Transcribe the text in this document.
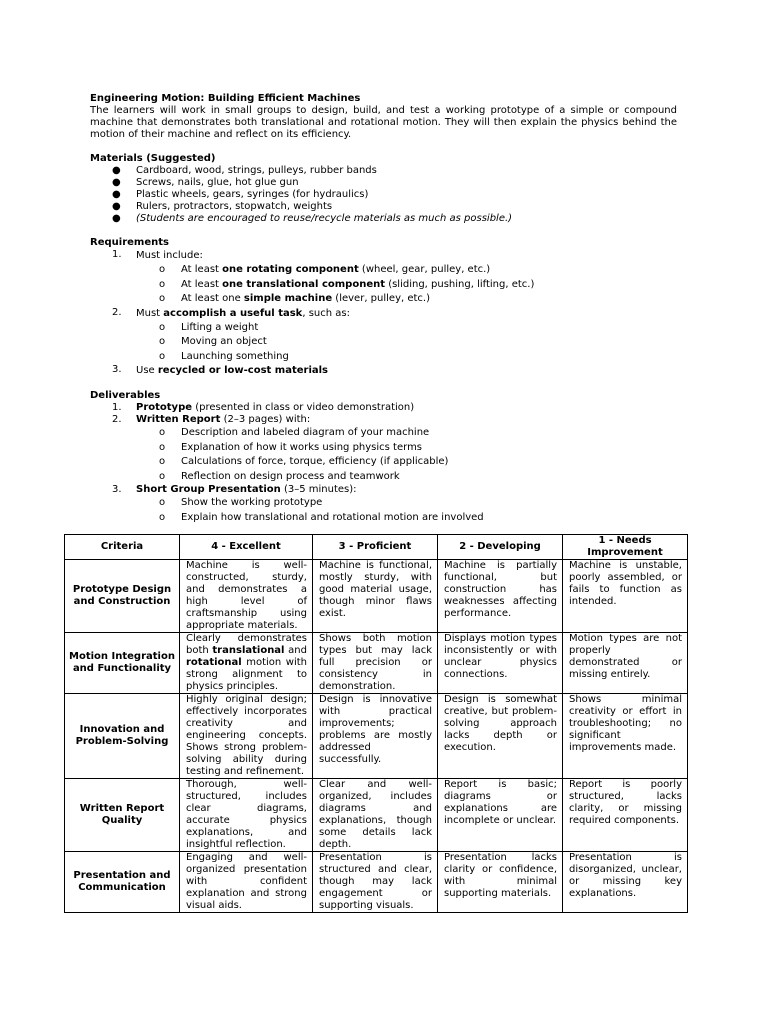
Engineering Motion: Building Efficient Machines
The learners will work in small groups to design, build, and test a working prototype of a simple or compound machine that demonstrates both translational and rotational motion. They will then explain the physics behind the motion of their machine and reflect on its efficiency.
Materials (Suggested)
● Cardboard, wood, strings, pulleys, rubber bands
● Screws, nails, glue, hot glue gun
● Plastic wheels, gears, syringes (for hydraulics)
● Rulers, protractors, stopwatch, weights
● (Students are encouraged to reuse/recycle materials as much as possible.)
Requirements
1. Must include:
o At least one rotating component (wheel, gear, pulley, etc.)
o At least one translational component (sliding, pushing, lifting, etc.)
o At least one simple machine (lever, pulley, etc.)
2. Must accomplish a useful task, such as:
o Lifting a weight
o Moving an object
o Launching something
3. Use recycled or low-cost materials
Deliverables
1. Prototype (presented in class or video demonstration)
2. Written Report (2–3 pages) with:
o Description and labeled diagram of your machine
o Explanation of how it works using physics terms
o Calculations of force, torque, efficiency (if applicable)
o Reflection on design process and teamwork
3. Short Group Presentation (3–5 minutes):
o Show the working prototype
o Explain how translational and rotational motion are involved
Criteria	4 - Excellent	3 - Proficient	2 - Developing	1 - Needs Improvement
Prototype Design and Construction	Machine is well-constructed, sturdy, and demonstrates a high level of craftsmanship using appropriate materials.	Machine is functional, mostly sturdy, with good material usage, though minor flaws exist.	Machine is partially functional, but construction has weaknesses affecting performance.	Machine is unstable, poorly assembled, or fails to function as intended.
Motion Integration and Functionality	Clearly demonstrates both translational and rotational motion with strong alignment to physics principles.	Shows both motion types but may lack full precision or consistency in demonstration.	Displays motion types inconsistently or with unclear physics connections.	Motion types are not properly demonstrated or missing entirely.
Innovation and Problem-Solving	Highly original design; effectively incorporates creativity and engineering concepts. Shows strong problem-solving ability during testing and refinement.	Design is innovative with practical improvements; problems are mostly addressed successfully.	Design is somewhat creative, but problem-solving approach lacks depth or execution.	Shows minimal creativity or effort in troubleshooting; no significant improvements made.
Written Report Quality	Thorough, well-structured, includes clear diagrams, accurate physics explanations, and insightful reflection.	Clear and well-organized, includes diagrams and explanations, though some details lack depth.	Report is basic; diagrams or explanations are incomplete or unclear.	Report is poorly structured, lacks clarity, or missing required components.
Presentation and Communication	Engaging and well-organized presentation with confident explanation and strong visual aids.	Presentation is structured and clear, though may lack engagement or supporting visuals.	Presentation lacks clarity or confidence, with minimal supporting materials.	Presentation is disorganized, unclear, or missing key explanations.
